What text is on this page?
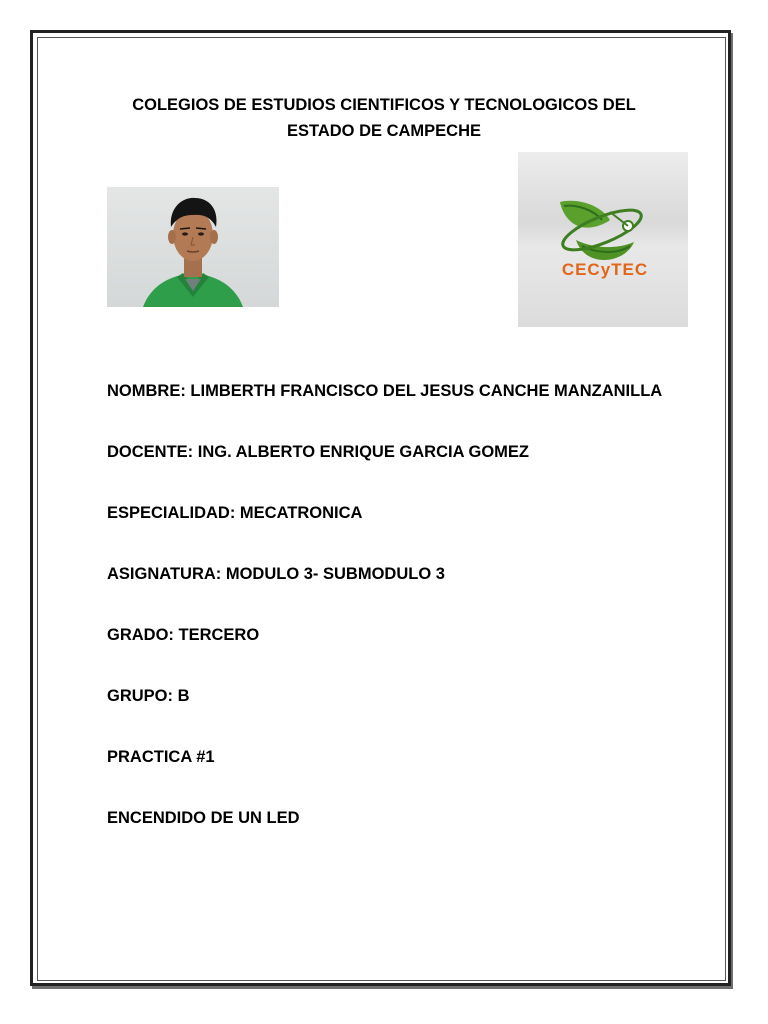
COLEGIOS DE ESTUDIOS CIENTIFICOS Y TECNOLOGICOS DEL
ESTADO DE CAMPECHE
CECyTEC
NOMBRE: LIMBERTH FRANCISCO DEL JESUS CANCHE MANZANILLA
DOCENTE: ING. ALBERTO ENRIQUE GARCIA GOMEZ
ESPECIALIDAD: MECATRONICA
ASIGNATURA: MODULO 3- SUBMODULO 3
GRADO: TERCERO
GRUPO: B
PRACTICA #1
ENCENDIDO DE UN LED
